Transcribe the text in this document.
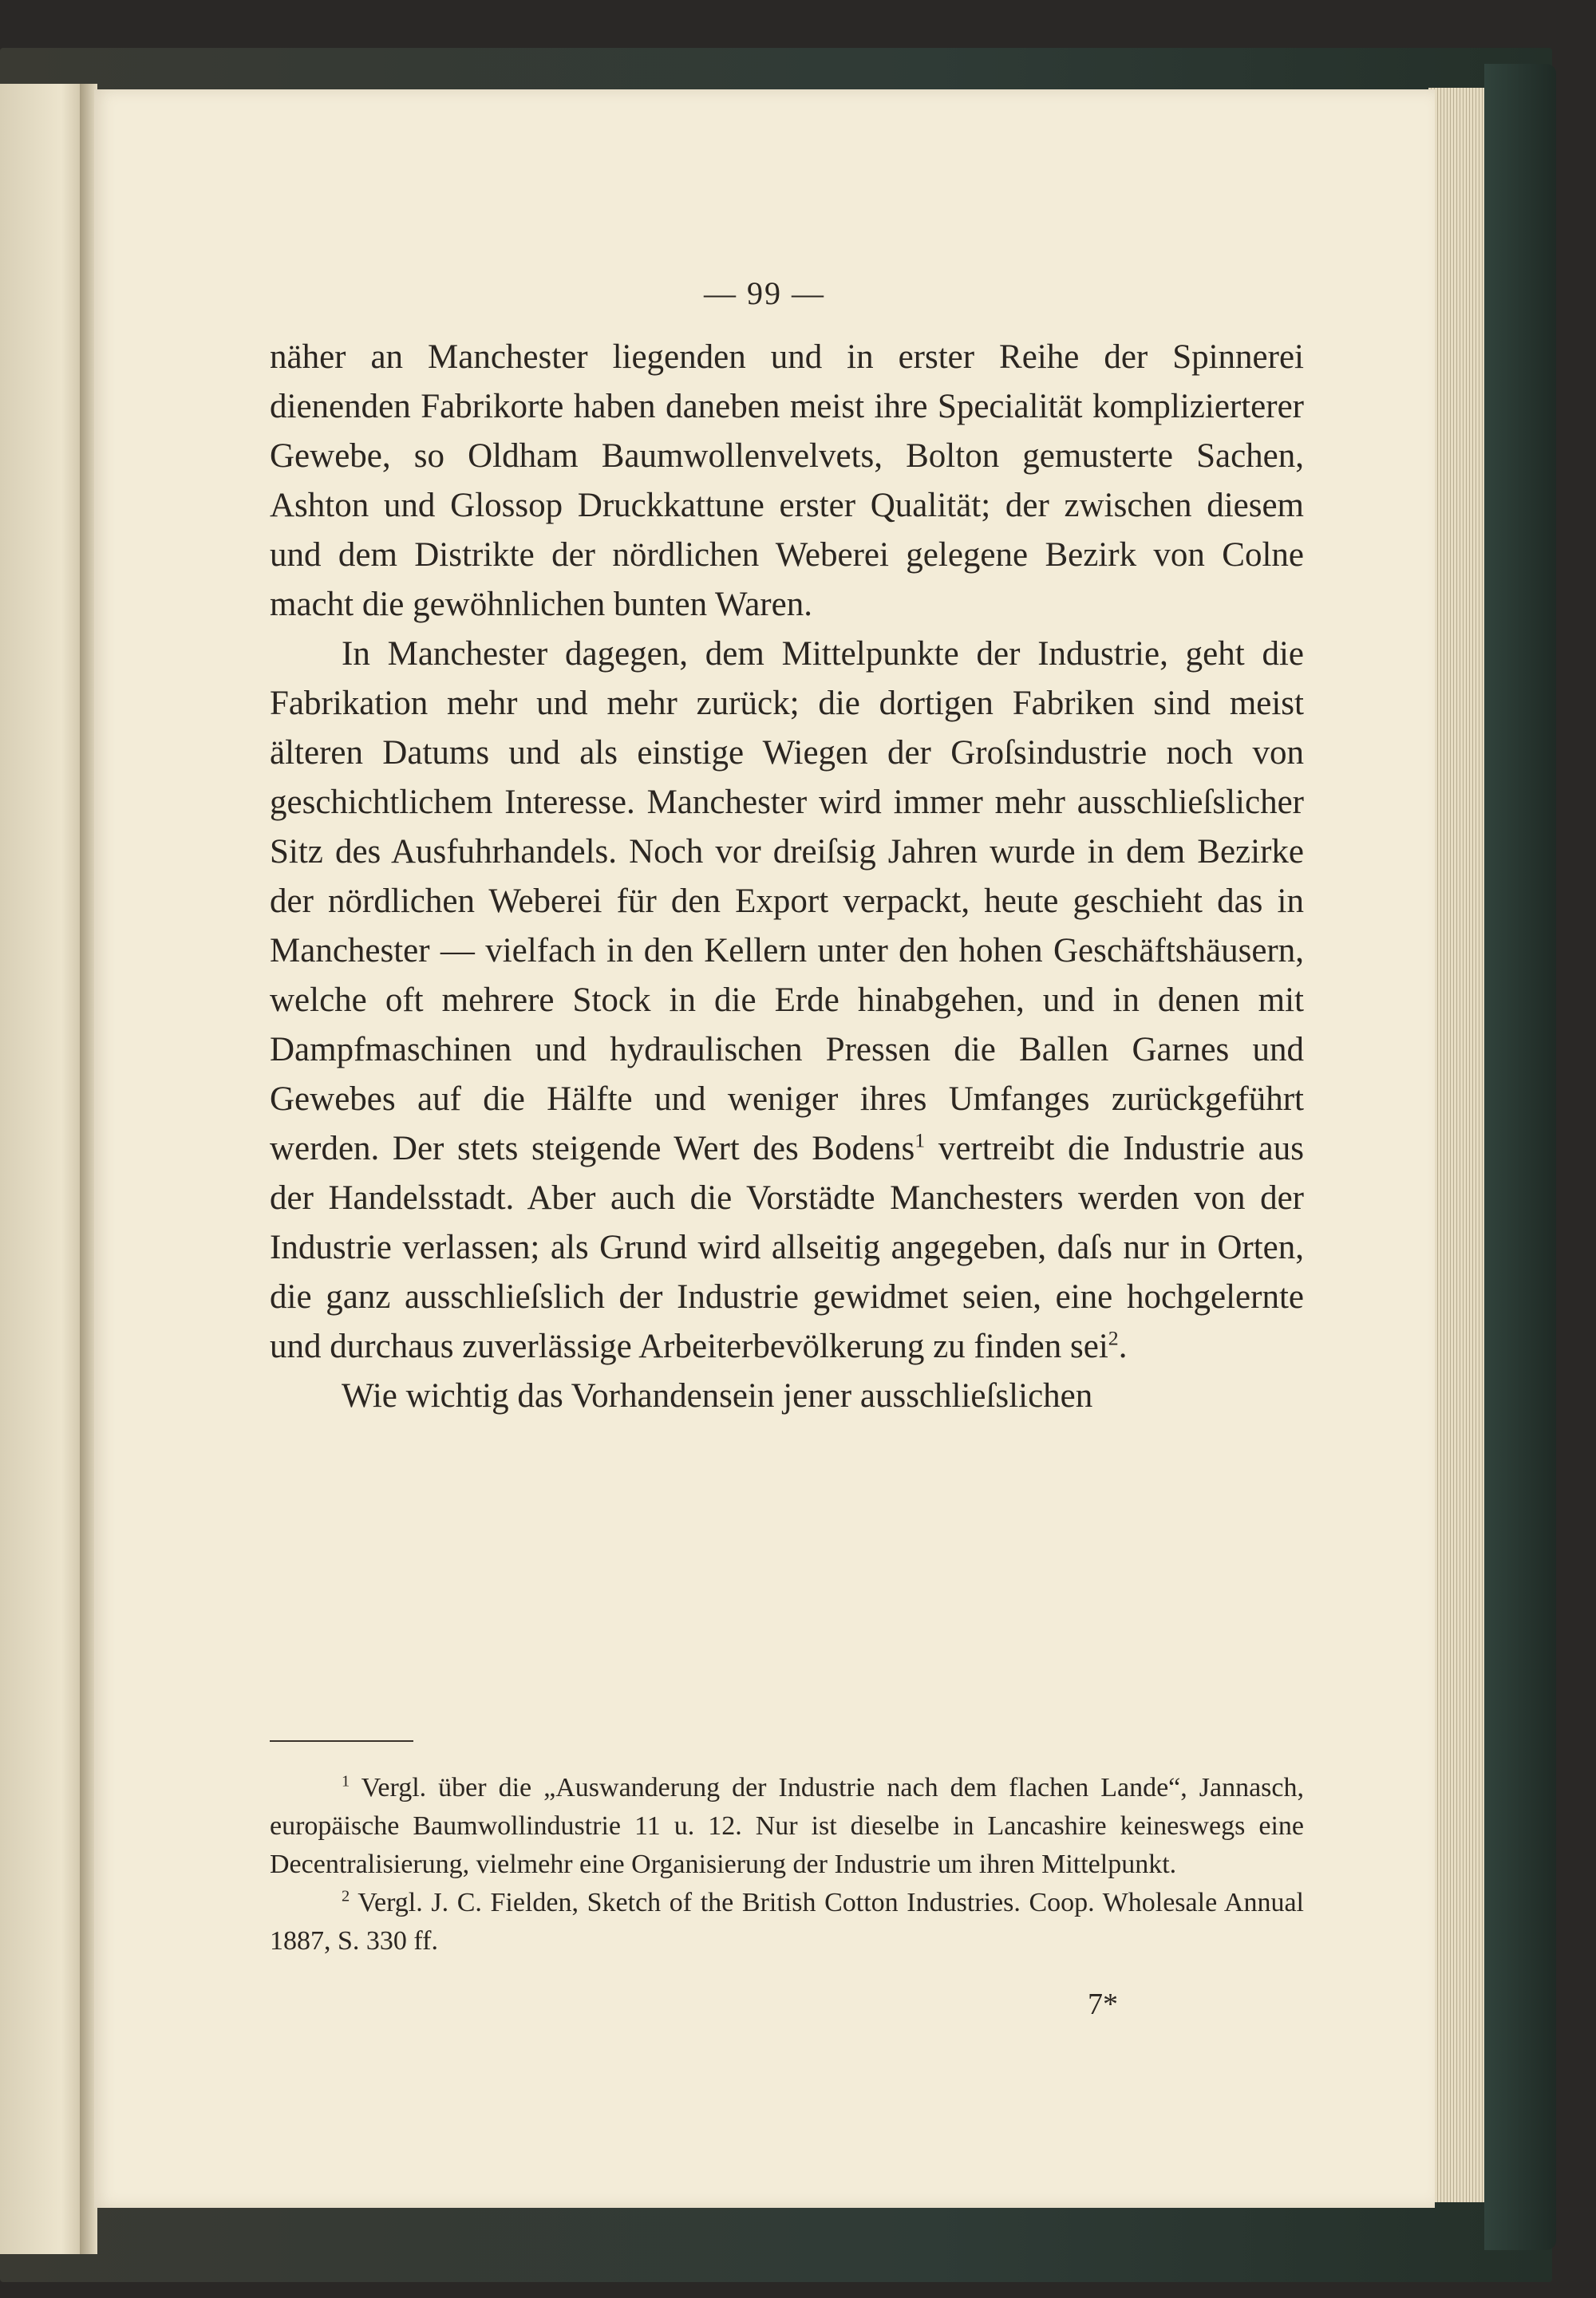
— 99 —

näher an Manchester liegenden und in erster Reihe der Spinnerei dienenden Fabrikorte haben daneben meist ihre Specialität komplizierterer Gewebe, so Oldham Baumwollenvelvets, Bolton gemusterte Sachen, Ashton und Glossop Druckkattune erster Qualität; der zwischen diesem und dem Distrikte der nördlichen Weberei gelegene Bezirk von Colne macht die gewöhnlichen bunten Waren.

In Manchester dagegen, dem Mittelpunkte der Industrie, geht die Fabrikation mehr und mehr zurück; die dortigen Fabriken sind meist älteren Datums und als einstige Wiegen der Groſsindustrie noch von geschichtlichem Interesse. Manchester wird immer mehr ausschlieſslicher Sitz des Ausfuhrhandels. Noch vor dreiſsig Jahren wurde in dem Bezirke der nördlichen Weberei für den Export verpackt, heute geschieht das in Manchester — vielfach in den Kellern unter den hohen Geschäftshäusern, welche oft mehrere Stock in die Erde hinabgehen, und in denen mit Dampfmaschinen und hydraulischen Pressen die Ballen Garnes und Gewebes auf die Hälfte und weniger ihres Umfanges zurückgeführt werden. Der stets steigende Wert des Bodens$^1$ vertreibt die Industrie aus der Handelsstadt. Aber auch die Vorstädte Manchesters werden von der Industrie verlassen; als Grund wird allseitig angegeben, daſs nur in Orten, die ganz ausschlieſslich der Industrie gewidmet seien, eine hochgelernte und durchaus zuverlässige Arbeiterbevölkerung zu finden sei$^2$.

Wie wichtig das Vorhandensein jener ausschlieſslichen

$^1$ Vergl. über die „Auswanderung der Industrie nach dem flachen Lande“, Jannasch, europäische Baumwollindustrie 11 u. 12. Nur ist dieselbe in Lancashire keineswegs eine Decentralisierung, vielmehr eine Organisierung der Industrie um ihren Mittelpunkt.

$^2$ Vergl. J. C. Fielden, Sketch of the British Cotton Industries. Coop. Wholesale Annual 1887, S. 330 ff.

7*
